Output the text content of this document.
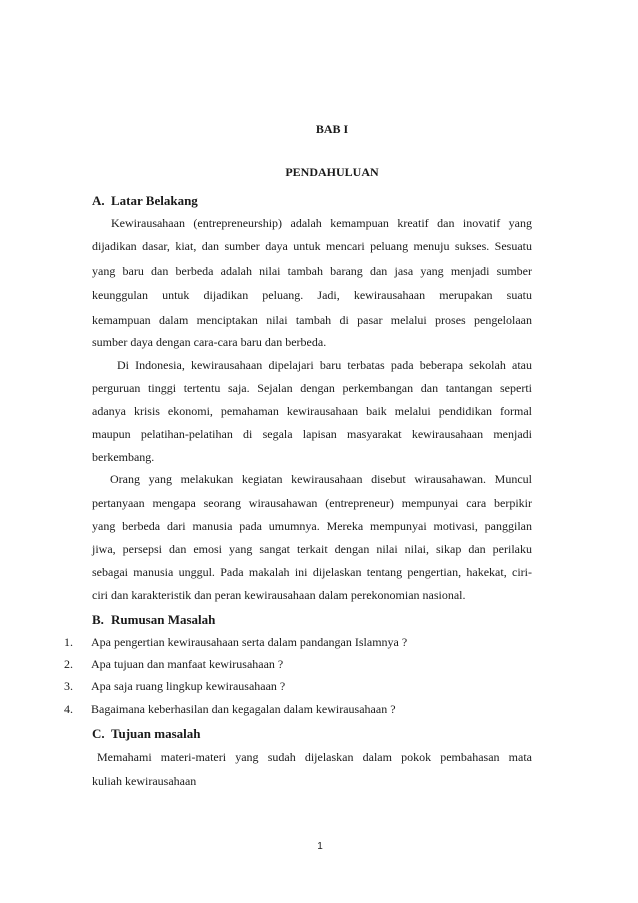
BAB I
PENDAHULUAN
A. Latar Belakang
Kewirausahaan (entrepreneurship) adalah kemampuan kreatif dan inovatif yang
dijadikan dasar, kiat, dan sumber daya untuk mencari peluang menuju sukses. Sesuatu
yang baru dan berbeda adalah nilai tambah barang dan jasa yang menjadi sumber
keunggulan untuk dijadikan peluang. Jadi, kewirausahaan merupakan suatu
kemampuan dalam menciptakan nilai tambah di pasar melalui proses pengelolaan
sumber daya dengan cara-cara baru dan berbeda.
Di Indonesia, kewirausahaan dipelajari baru terbatas pada beberapa sekolah atau
perguruan tinggi tertentu saja. Sejalan dengan perkembangan dan tantangan seperti
adanya krisis ekonomi, pemahaman kewirausahaan baik melalui pendidikan formal
maupun pelatihan-pelatihan di segala lapisan masyarakat kewirausahaan menjadi
berkembang.
Orang yang melakukan kegiatan kewirausahaan disebut wirausahawan. Muncul
pertanyaan mengapa seorang wirausahawan (entrepreneur) mempunyai cara berpikir
yang berbeda dari manusia pada umumnya. Mereka mempunyai motivasi, panggilan
jiwa, persepsi dan emosi yang sangat terkait dengan nilai nilai, sikap dan perilaku
sebagai manusia unggul. Pada makalah ini dijelaskan tentang pengertian, hakekat, ciri-
ciri dan karakteristik dan peran kewirausahaan dalam perekonomian nasional.
B. Rumusan Masalah
1. Apa pengertian kewirausahaan serta dalam pandangan Islamnya ?
2. Apa tujuan dan manfaat kewirusahaan ?
3. Apa saja ruang lingkup kewirausahaan ?
4. Bagaimana keberhasilan dan kegagalan dalam kewirausahaan ?
C. Tujuan masalah
Memahami materi-materi yang sudah dijelaskan dalam pokok pembahasan mata
kuliah kewirausahaan
1
